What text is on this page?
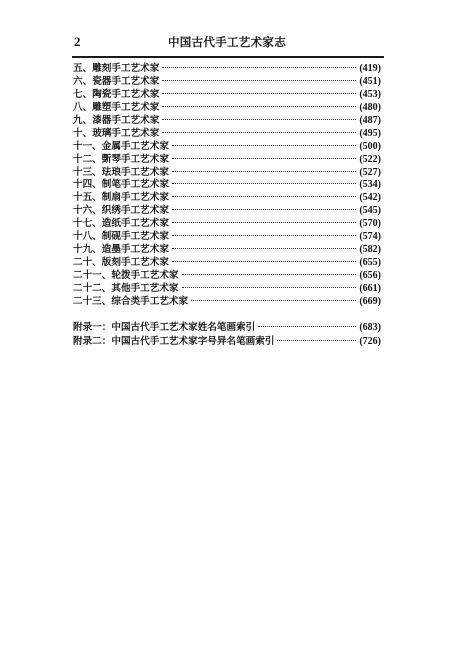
2	中国古代手工艺术家志
五、 雕刻手工艺术家	(419)
六、 瓷器手工艺术家	(451)
七、 陶瓷手工艺术家	(453)
八、 雕塑手工艺术家	(480)
九、 漆器手工艺术家	(487)
十、 玻璃手工艺术家	(495)
十一、 金属手工艺术家	(500)
十二、 斲琴手工艺术家	(522)
十三、 珐琅手工艺术家	(527)
十四、 制笔手工艺术家	(534)
十五、 制扇手工艺术家	(542)
十六、 织绣手工艺术家	(545)
十七、 造纸手工艺术家	(570)
十八、 制砚手工艺术家	(574)
十九、 造墨手工艺术家	(582)
二十、 版刻手工艺术家	(655)
二十一、 轮拨手工艺术家	(656)
二十二、 其他手工艺术家	(661)
二十三、 综合类手工艺术家	(669)
附录一： 中国古代手工艺术家姓名笔画索引	(683)
附录二： 中国古代手工艺术家字号异名笔画索引	(726)
